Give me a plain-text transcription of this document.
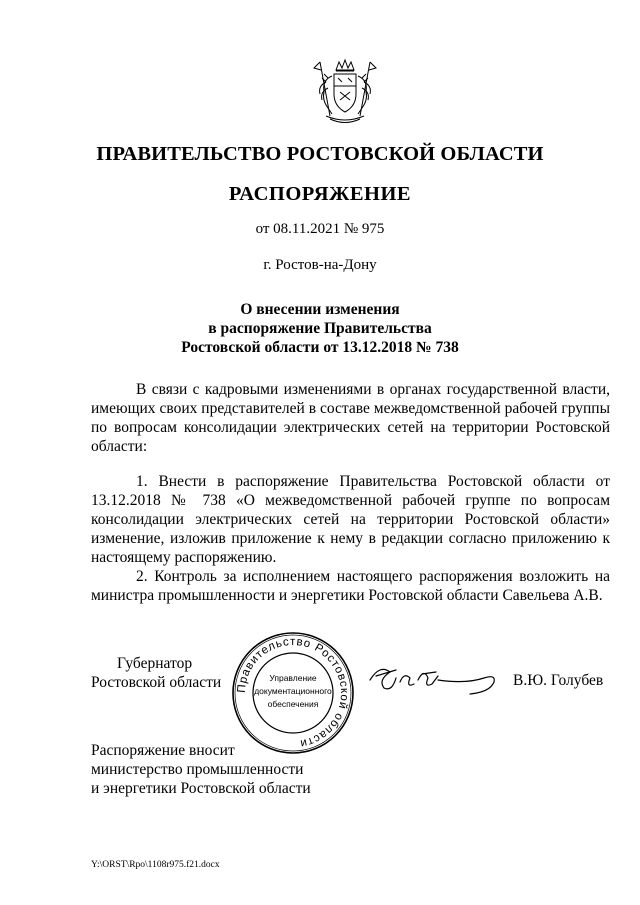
ПРАВИТЕЛЬСТВО РОСТОВСКОЙ ОБЛАСТИ
РАСПОРЯЖЕНИЕ
от 08.11.2021 № 975
г. Ростов-на-Дону
О внесении изменения
в распоряжение Правительства
Ростовской области от 13.12.2018 № 738

В связи с кадровыми изменениями в органах государственной власти, имеющих своих представителей в составе межведомственной рабочей группы по вопросам консолидации электрических сетей на территории Ростовской области:

1. Внести в распоряжение Правительства Ростовской области от 13.12.2018 № 738 «О межведомственной рабочей группе по вопросам консолидации электрических сетей на территории Ростовской области» изменение, изложив приложение к нему в редакции согласно приложению к настоящему распоряжению.

2. Контроль за исполнением настоящего распоряжения возложить на министра промышленности и энергетики Ростовской области Савельева А.В.

Губернатор
Ростовской области	Правительство Ростовской области
Управление
документационного
обеспечения
В.Ю. Голубев
Распоряжение вносит
министерство промышленности
и энергетики Ростовской области
Y:\ORST\Rpo\1108r975.f21.docx
